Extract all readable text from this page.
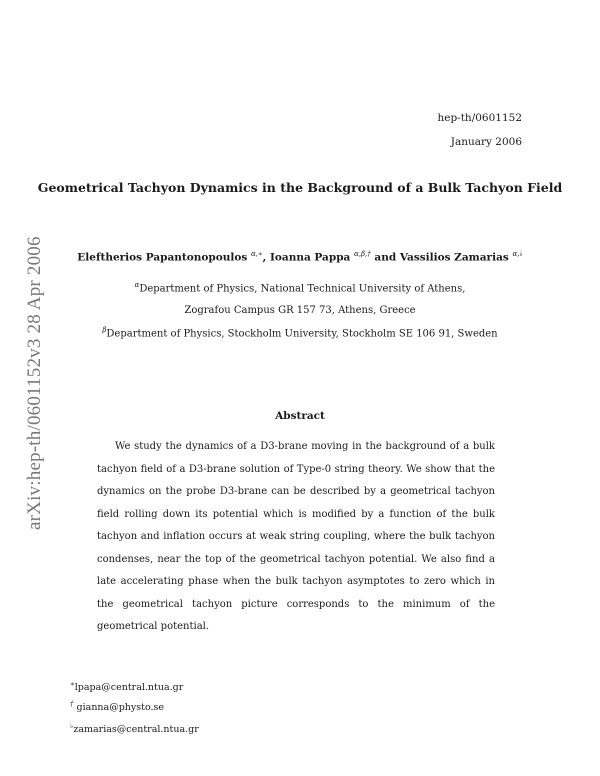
arXiv:hep-th/0601152v3 28 Apr 2006
hep-th/0601152
January 2006
Geometrical Tachyon Dynamics in the Background of a Bulk Tachyon Field
Eleftherios Papantonopoulos $^{\alpha,∗}$, Ioanna Pappa $^{\alpha,\beta,\dagger}$ and Vassilios Zamarias $^{\alpha,♭}$
$^\alpha$Department of Physics, National Technical University of Athens,
Zografou Campus GR 157 73, Athens, Greece
$^\beta$Department of Physics, Stockholm University, Stockholm SE 106 91, Sweden
Abstract
We study the dynamics of a D3-brane moving in the background of a bulk tachyon field of a D3-brane solution of Type-0 string theory. We show that the dynamics on the probe D3-brane can be described by a geometrical tachyon field rolling down its potential which is modified by a function of the bulk tachyon and inflation occurs at weak string coupling, where the bulk tachyon condenses, near the top of the geometrical tachyon potential. We also find a late accelerating phase when the bulk tachyon asymptotes to zero which in the geometrical tachyon picture corresponds to the minimum of the geometrical potential.
∗lpapa@central.ntua.gr
† gianna@physto.se
♭zamarias@central.ntua.gr
